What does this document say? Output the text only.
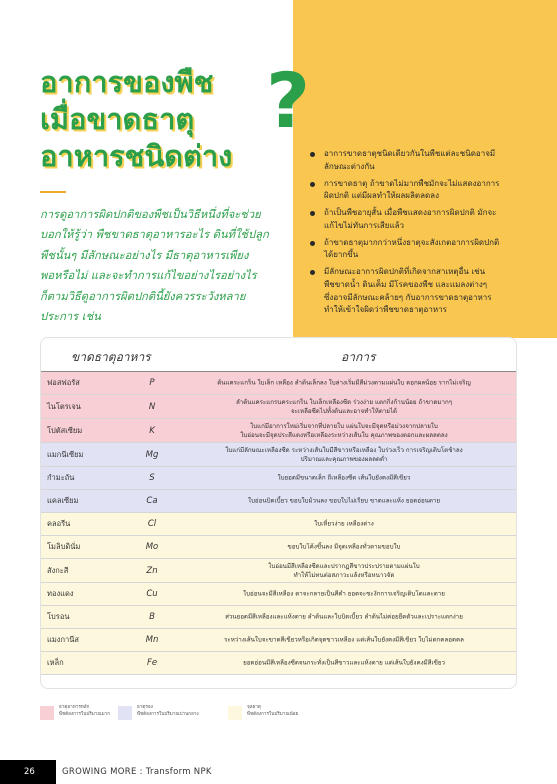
อาการของพืช
เมื่อขาดธาตุ
อาหารชนิดต่าง
?
การดูอาการผิดปกติของพืชเป็นวิธีหนึ่งที่จะช่วย
บอกให้รู้ว่า พืชขาดธาตุอาหารอะไร ดินที่ใช้ปลูก
พืชนั้นๆ มีลักษณะอย่างไร มีธาตุอาหารเพียง
พอหรือไม่ และจะทำการแก้ไขอย่างไรอย่างไร
ก็ตามวิธีดูอาการผิดปกตินี้ยังควรระวังหลาย
ประการ เช่น
อาการขาดธาตุชนิดเดียวกันในพืชแต่ละชนิดอาจมี
ลักษณะต่างกัน
การขาดธาตุ ถ้าขาดไม่มากพืชมักจะไม่แสดงอาการ
ผิดปกติ แต่มีผลทำให้ผลผลิตลดลง
ถ้าเป็นพืชอายุสั้น เมื่อพืชแสดงอาการผิดปกติ มักจะ
แก้ไขไม่ทันการเสียแล้ว
ถ้าขาดธาตุมากกว่าหนึ่งธาตุจะสังเกตอาการผิดปกติ
ได้ยากขึ้น
มีลักษณะอาการผิดปกติที่เกิดจากสาเหตุอื่น เช่น
พืชขาดน้ำ ดินเค็ม มีโรคของพืช และแมลงต่างๆ
ซึ่งอาจมีลักษณะคล้ายๆ กับอาการขาดธาตุอาหาร
ทำให้เข้าใจผิดว่าพืชขาดธาตุอาหาร
ขาดธาตุอาหาร	อาการ
ฟอสฟอรัส	P	ต้นแคระแกร็น ใบเล็ก เหลือง ลำต้นเล็กลง ใบล่างเริ่มมีสีม่วงตามแผ่นใบ ดอกผลน้อย รากไม่เจริญ
ไนโตรเจน	N	ลำต้นแคระแกรนคระแกร็น ใบเล็กเหลืองซีด ร่วงง่าย แตกกิ่งก้านน้อย ถ้าขาดมากๆ
จะเหลือซีดไปทั้งต้นและอาจทำให้ตายได้
โปตัสเซียม	K	ใบแก่มีอาการใหม่เริ่มจากที่ปลายใบ แผ่นใบจะมีจุดหรือม่วงจากปลายใบ
ใบอ่อนจะมีจุดประสีแดงหรือเหลืองระหว่างเส้นใบ คุณภาพของดอกและผลลดลง
แมกนีเซียม	Mg	ใบแก่มีลักษณะเหลืองซีด ระหว่างเส้นใบมีสีขาวหรือเหลือง ใบร่วงเร็ว การเจริญเติบโตช้าลง
ปริมาณและคุณภาพของผลลดต่ำ
กำมะถัน	S	ใบยอดมีขนาดเล็ก ถีเหลืองซีด เส้นใบยังคงมีสีเขียว
แคลเซียม	Ca	ใบอ่อนบิดเบี้ยว ขอบใบม้วนลง ขอบใบไม่เรียบ ขาดและแห้ง ยอดอ่อนตาย
คลอรีน	Cl	ใบเหี่ยวง่าย เหลืองด่าง
โมลิบดินั่ม	Mo	ขอบใบโค้งขึ้นลง มีจุดเหลืองทั่วตามขอบใบ
สังกะสี	Zn	ใบอ่อนมีสีเหลืองซีดและปรากฏสีขาวประปรายตามแผ่นใบ
ทำให้ไม่ทนต่อสภาวะแล้งหรือหนาวจัด
ทองแดง	Cu	ใบอ่อนจะมีสีเหลือง ตาจะกลายเป็นสีดำ ยอดจะชะงักการเจริญเติบโตและตาย
โบรอน	B	ส่วนยอดมีสีเหลืองและแห้งตาย ลำต้นและใบบิดเบี้ยว ลำต้นไม่ค่อยยืดตัวและเปราะแตกง่าย
แมงกานีส	Mn	ระหว่างเส้นใบจะขาดสีเขียวหรือเกิดจุดขาวเหลือง แต่เส้นใบยังคงมีสีเขียว ใบไม่ตกคลอดคล
เหล็ก	Fe	ยอดอ่อนมีสีเหลืองซีดจนกระทั่งเป็นสีขาวและแห้งตาย แต่เส้นใบยังคงมีสีเขียว
ธาตุอาหารหลัก
พืชต้องการในปริมาณมาก
ธาตุรอง
พืชต้องการในปริมาณปานกลาง
จุลธาตุ
พืชต้องการในปริมาณน้อย
26	GROWING MORE : Transform NPK
